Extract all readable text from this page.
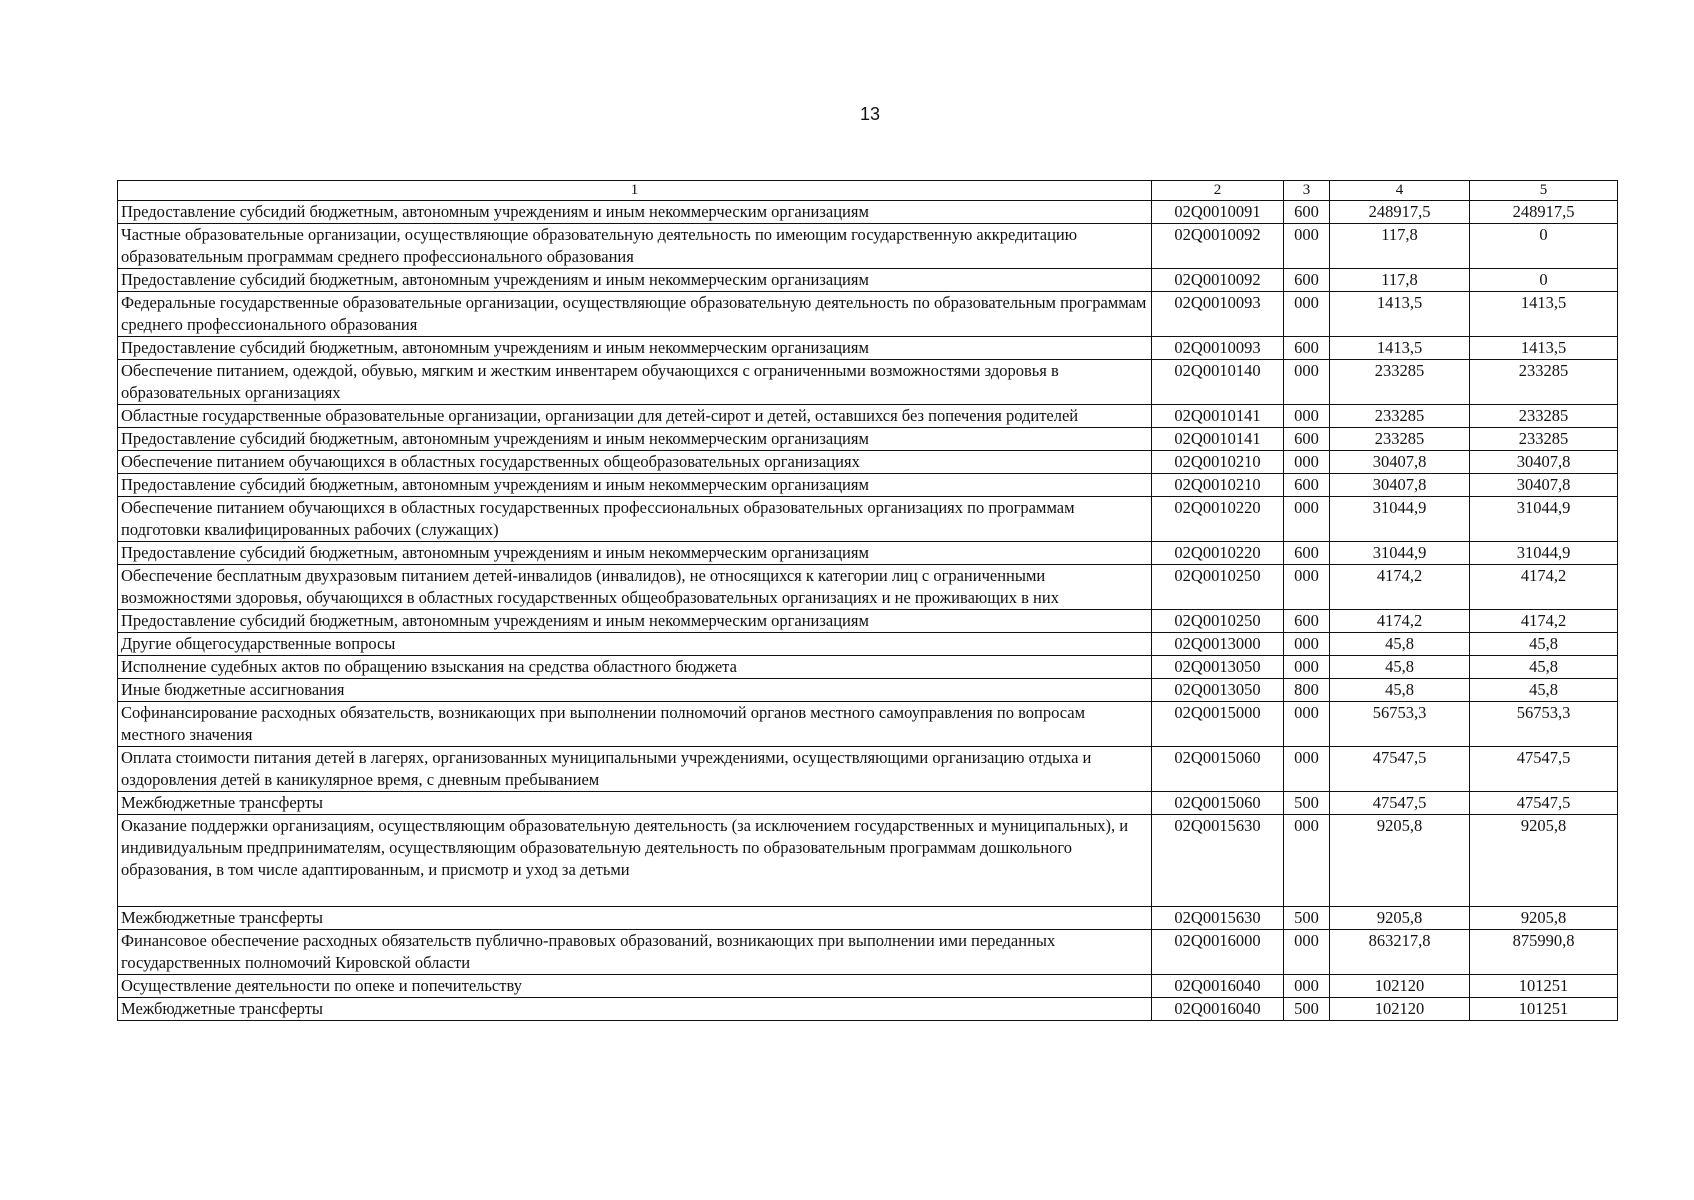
13
1	2	3	4	5
Предоставление субсидий бюджетным, автономным учреждениям и иным некоммерческим организациям	02Q0010091	600	248917,5	248917,5
Частные образовательные организации, осуществляющие образовательную деятельность по имеющим государственную аккредитацию образовательным программам среднего профессионального образования	02Q0010092	000	117,8	0
Предоставление субсидий бюджетным, автономным учреждениям и иным некоммерческим организациям	02Q0010092	600	117,8	0
Федеральные государственные образовательные организации, осуществляющие образовательную деятельность по образовательным программам среднего профессионального образования	02Q0010093	000	1413,5	1413,5
Предоставление субсидий бюджетным, автономным учреждениям и иным некоммерческим организациям	02Q0010093	600	1413,5	1413,5
Обеспечение питанием, одеждой, обувью, мягким и жестким инвентарем обучающихся с ограниченными возможностями здоровья в образовательных организациях	02Q0010140	000	233285	233285
Областные государственные образовательные организации, организации для детей-сирот и детей, оставшихся без попечения родителей	02Q0010141	000	233285	233285
Предоставление субсидий бюджетным, автономным учреждениям и иным некоммерческим организациям	02Q0010141	600	233285	233285
Обеспечение питанием обучающихся в областных государственных общеобразовательных организациях	02Q0010210	000	30407,8	30407,8
Предоставление субсидий бюджетным, автономным учреждениям и иным некоммерческим организациям	02Q0010210	600	30407,8	30407,8
Обеспечение питанием обучающихся в областных государственных профессиональных образовательных организациях по программам подготовки квалифицированных рабочих (служащих)	02Q0010220	000	31044,9	31044,9
Предоставление субсидий бюджетным, автономным учреждениям и иным некоммерческим организациям	02Q0010220	600	31044,9	31044,9
Обеспечение бесплатным двухразовым питанием детей-инвалидов (инвалидов), не относящихся к категории лиц с ограниченными возможностями здоровья, обучающихся в областных государственных общеобразовательных организациях и не проживающих в них	02Q0010250	000	4174,2	4174,2
Предоставление субсидий бюджетным, автономным учреждениям и иным некоммерческим организациям	02Q0010250	600	4174,2	4174,2
Другие общегосударственные вопросы	02Q0013000	000	45,8	45,8
Исполнение судебных актов по обращению взыскания на средства областного бюджета	02Q0013050	000	45,8	45,8
Иные бюджетные ассигнования	02Q0013050	800	45,8	45,8
Софинансирование расходных обязательств, возникающих при выполнении полномочий органов местного самоуправления по вопросам местного значения	02Q0015000	000	56753,3	56753,3
Оплата стоимости питания детей в лагерях, организованных муниципальными учреждениями, осуществляющими организацию отдыха и оздоровления детей в каникулярное время, с дневным пребыванием	02Q0015060	000	47547,5	47547,5
Межбюджетные трансферты	02Q0015060	500	47547,5	47547,5
Оказание поддержки организациям, осуществляющим образовательную деятельность (за исключением государственных и муниципальных), и индивидуальным предпринимателям, осуществляющим образовательную деятельность по образовательным программам дошкольного образования, в том числе адаптированным, и присмотр и уход за детьми	02Q0015630	000	9205,8	9205,8
Межбюджетные трансферты	02Q0015630	500	9205,8	9205,8
Финансовое обеспечение расходных обязательств публично-правовых образований, возникающих при выполнении ими переданных государственных полномочий Кировской области	02Q0016000	000	863217,8	875990,8
Осуществление деятельности по опеке и попечительству	02Q0016040	000	102120	101251
Межбюджетные трансферты	02Q0016040	500	102120	101251
